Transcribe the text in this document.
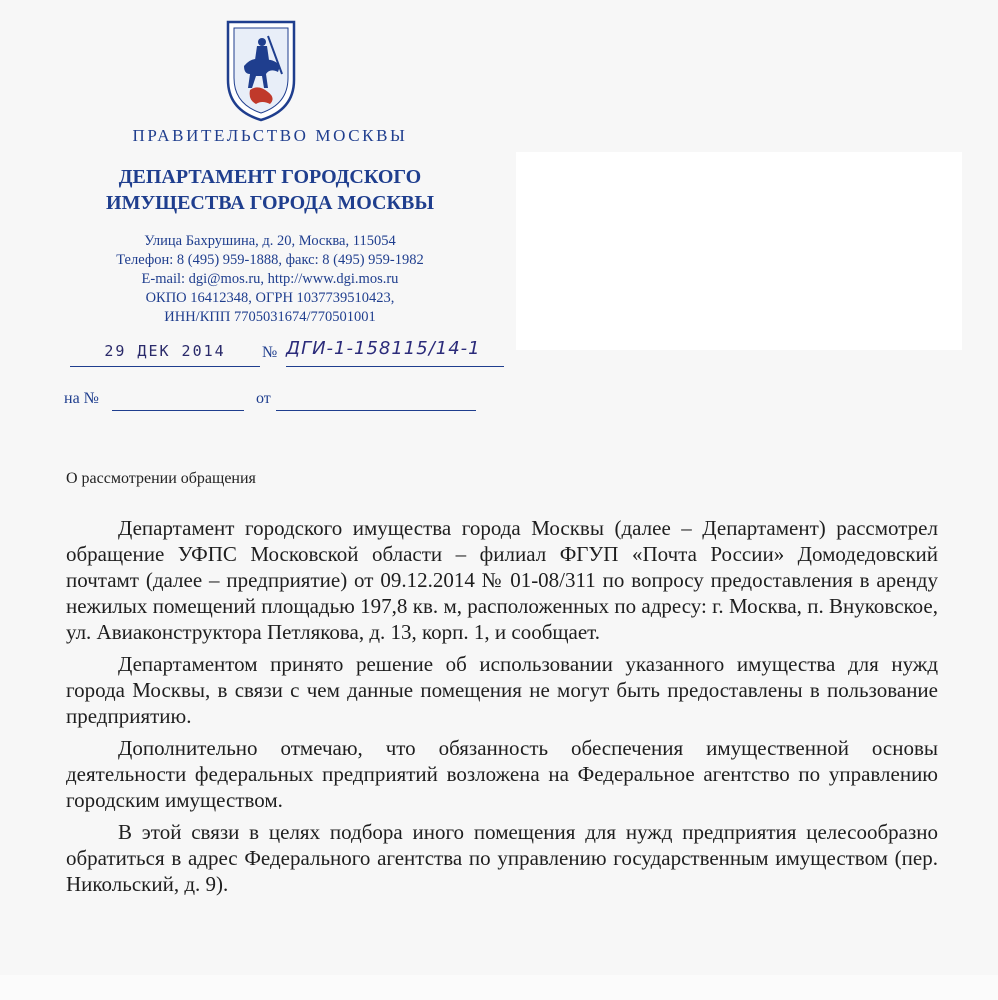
ПРАВИТЕЛЬСТВО МОСКВЫ
ДЕПАРТАМЕНТ ГОРОДСКОГО
ИМУЩЕСТВА ГОРОДА МОСКВЫ
Улица Бахрушина, д. 20, Москва, 115054
Телефон: 8 (495) 959-1888, факс: 8 (495) 959-1982
E-mail: dgi@mos.ru, http://www.dgi.mos.ru
ОКПО 16412348, ОГРН 1037739510423,
ИНН/КПП 7705031674/770501001
29 ДЕК 2014	№ ДГИ-1-158115/14-1
на №	от
О рассмотрении обращения

Департамент городского имущества города Москвы (далее – Департамент) рассмотрел обращение УФПС Московской области – филиал ФГУП «Почта России» Домодедовский почтамт (далее – предприятие) от 09.12.2014 № 01-08/311 по вопросу предоставления в аренду нежилых помещений площадью 197,8 кв. м, расположенных по адресу: г. Москва, п. Внуковское, ул. Авиаконструктора Петлякова, д. 13, корп. 1, и сообщает.

Департаментом принято решение об использовании указанного имущества для нужд города Москвы, в связи с чем данные помещения не могут быть предоставлены в пользование предприятию.

Дополнительно отмечаю, что обязанность обеспечения имущественной основы деятельности федеральных предприятий возложена на Федеральное агентство по управлению городским имуществом.

В этой связи в целях подбора иного помещения для нужд предприятия целесообразно обратиться в адрес Федерального агентства по управлению государственным имуществом (пер. Никольский, д. 9).
